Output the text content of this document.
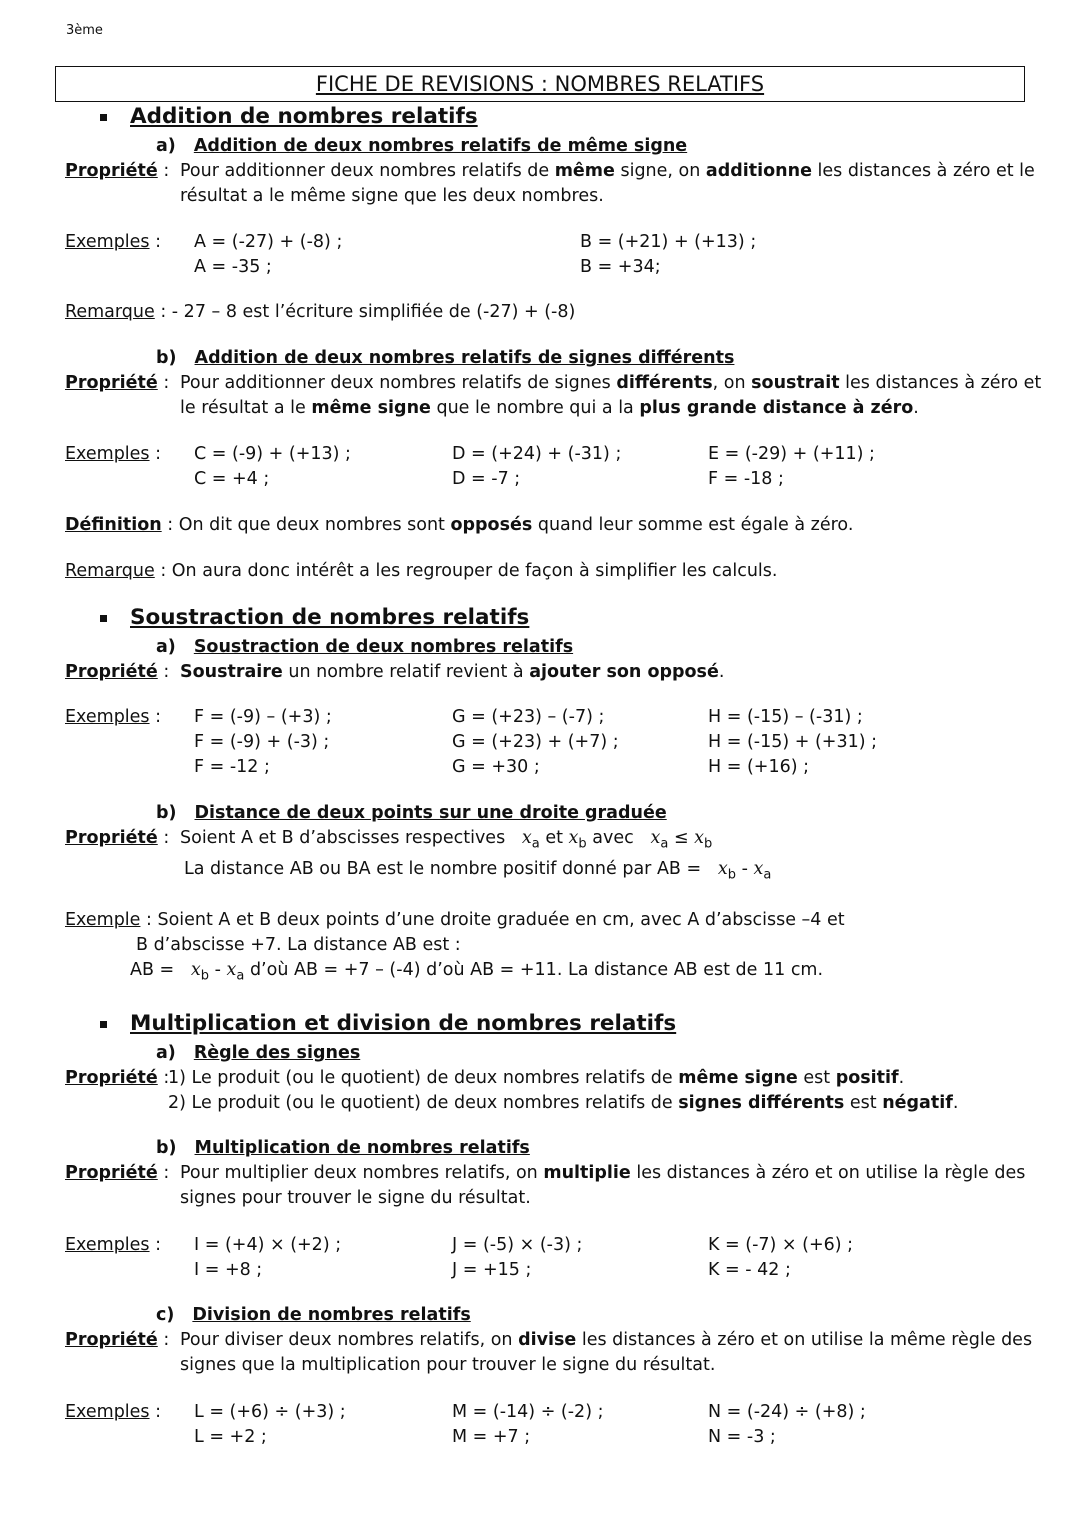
3ème
FICHE DE REVISIONS : NOMBRES RELATIFS
Addition de nombres relatifs
a) Addition de deux nombres relatifs de même signe
Propriété : Pour additionner deux nombres relatifs de même signe, on additionne les distances à zéro et le
résultat a le même signe que les deux nombres.
Exemples : A = (-27) + (-8) ;
A = -35 ;
B = (+21) + (+13) ;
B = +34;
Remarque : - 27 – 8 est l’écriture simplifiée de (-27) + (-8)
b) Addition de deux nombres relatifs de signes différents
Propriété : Pour additionner deux nombres relatifs de signes différents, on soustrait les distances à zéro et
le résultat a le même signe que le nombre qui a la plus grande distance à zéro.
Exemples : C = (-9) + (+13) ;
C = +4 ;
D = (+24) + (-31) ;
D = -7 ;
E = (-29) + (+11) ;
F = -18 ;
Définition : On dit que deux nombres sont opposés quand leur somme est égale à zéro.
Remarque : On aura donc intérêt a les regrouper de façon à simplifier les calculs.
Soustraction de nombres relatifs
a) Soustraction de deux nombres relatifs
Propriété : Soustraire un nombre relatif revient à ajouter son opposé.
Exemples : F = (-9) – (+3) ;
F = (-9) + (-3) ;
F = -12 ;
G = (+23) – (-7) ;
G = (+23) + (+7) ;
G = +30 ;
H = (-15) – (-31) ;
H = (-15) + (+31) ;
H = (+16) ;
b) Distance de deux points sur une droite graduée
Propriété : Soient A et B d’abscisses respectives $x_a$ et $x_b$ avec $x_a \le x_b$
La distance AB ou BA est le nombre positif donné par AB = $x_b - x_a$
Exemple : Soient A et B deux points d’une droite graduée en cm, avec A d’abscisse –4 et
B d’abscisse +7. La distance AB est :
AB = $x_b - x_a$ d’où AB = +7 – (-4) d’où AB = +11. La distance AB est de 11 cm.
Multiplication et division de nombres relatifs
a) Règle des signes
Propriété :
1) Le produit (ou le quotient) de deux nombres relatifs de même signe est positif.
2) Le produit (ou le quotient) de deux nombres relatifs de signes différents est négatif.
b) Multiplication de nombres relatifs
Propriété : Pour multiplier deux nombres relatifs, on multiplie les distances à zéro et on utilise la règle des
signes pour trouver le signe du résultat.
Exemples : I = (+4) × (+2) ;
I = +8 ;
J = (-5) × (-3) ;
J = +15 ;
K = (-7) × (+6) ;
K = - 42 ;
c) Division de nombres relatifs
Propriété : Pour diviser deux nombres relatifs, on divise les distances à zéro et on utilise la même règle des
signes que la multiplication pour trouver le signe du résultat.
Exemples : L = (+6) ÷ (+3) ;
L = +2 ;
M = (-14) ÷ (-2) ;
M = +7 ;
N = (-24) ÷ (+8) ;
N = -3 ;
